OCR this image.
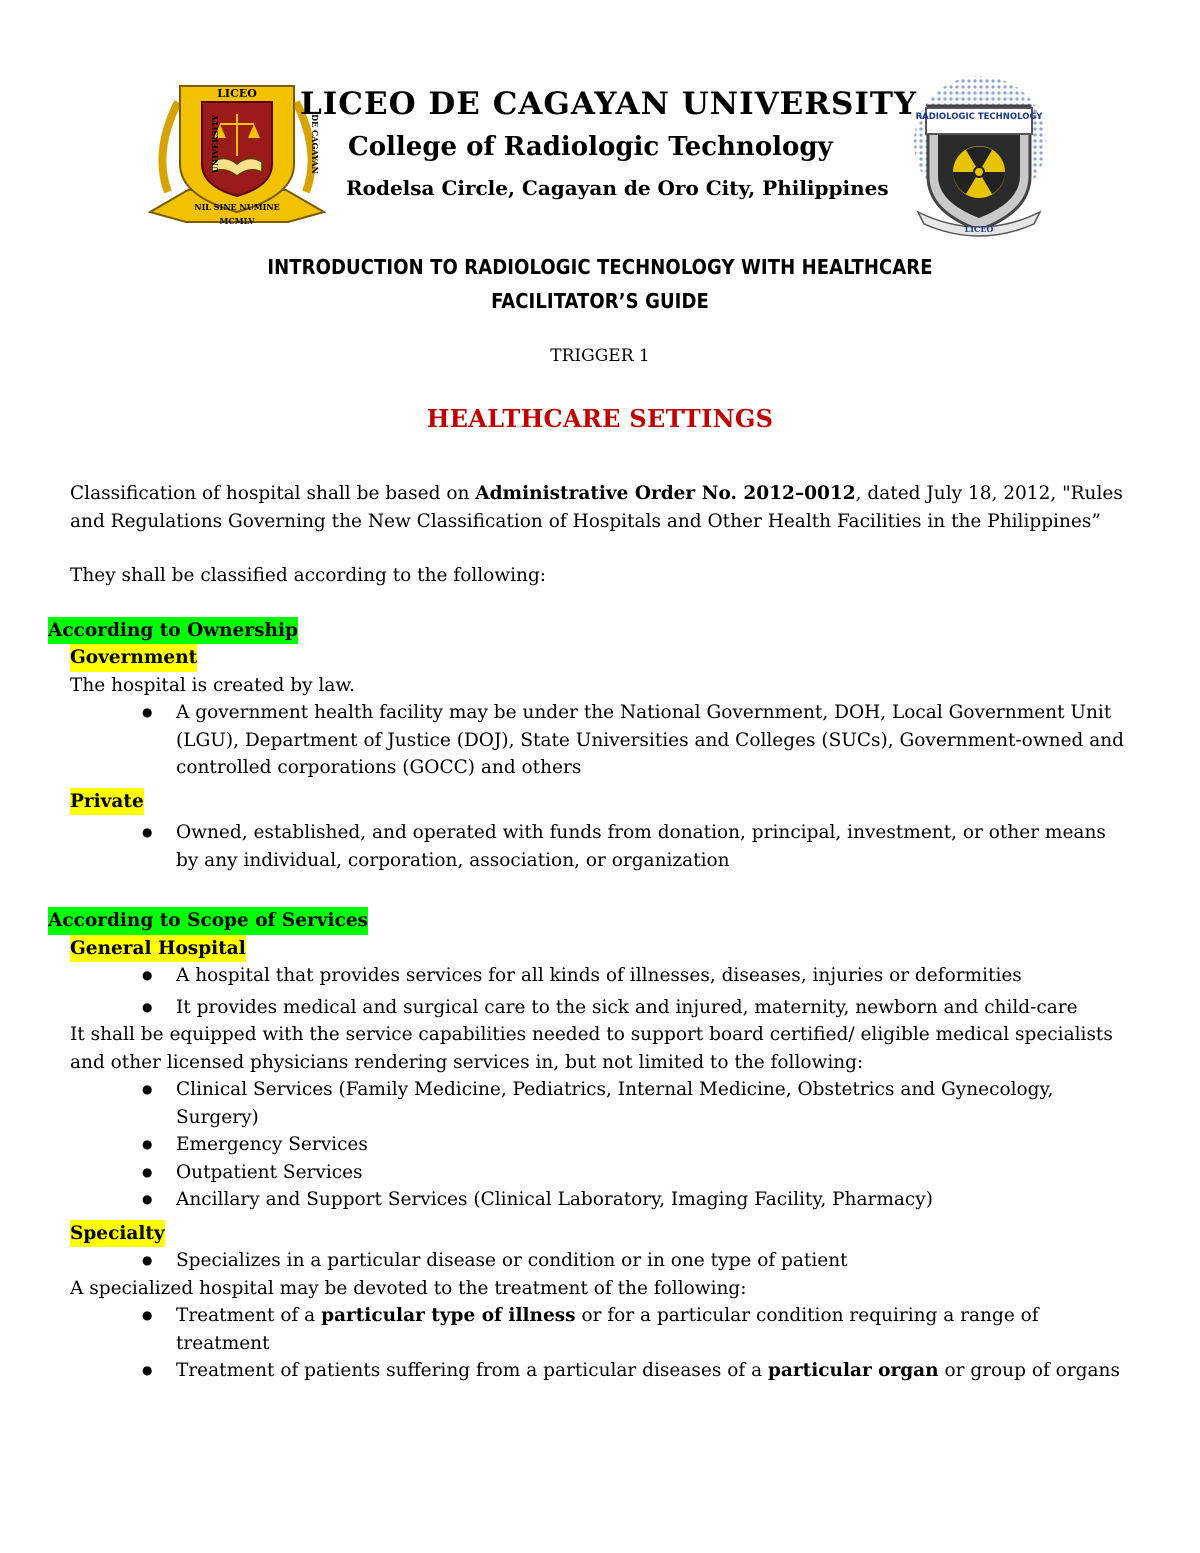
LICEO
UNIVERSITY	DE CAGAYAN
NIL SINE NUMINE
MCMLV
LICEO DE CAGAYAN UNIVERSITY
College of Radiologic Technology
Rodelsa Circle, Cagayan de Oro City, Philippines
RADIOLOGIC TECHNOLOGY
LICEO
INTRODUCTION TO RADIOLOGIC TECHNOLOGY WITH HEALTHCARE
FACILITATOR’S GUIDE
TRIGGER 1
HEALTHCARE SETTINGS

Classification of hospital shall be based on Administrative Order No. 2012–0012, dated July 18, 2012, "Rules and Regulations Governing the New Classification of Hospitals and Other Health Facilities in the Philippines”

They shall be classified according to the following:

According to Ownership
Government

The hospital is created by law.

● A government health facility may be under the National Government, DOH, Local Government Unit (LGU), Department of Justice (DOJ), State Universities and Colleges (SUCs), Government-owned and controlled corporations (GOCC) and others
Private
● Owned, established, and operated with funds from donation, principal, investment, or other means by any individual, corporation, association, or organization
According to Scope of Services
General Hospital
● A hospital that provides services for all kinds of illnesses, diseases, injuries or deformities
● It provides medical and surgical care to the sick and injured, maternity, newborn and child-care

It shall be equipped with the service capabilities needed to support board certified/ eligible medical specialists and other licensed physicians rendering services in, but not limited to the following:

● Clinical Services (Family Medicine, Pediatrics, Internal Medicine, Obstetrics and Gynecology, Surgery)
● Emergency Services
● Outpatient Services
● Ancillary and Support Services (Clinical Laboratory, Imaging Facility, Pharmacy)
Specialty
● Specializes in a particular disease or condition or in one type of patient

A specialized hospital may be devoted to the treatment of the following:

● Treatment of a particular type of illness or for a particular condition requiring a range of treatment
● Treatment of patients suffering from a particular diseases of a particular organ or group of organs
